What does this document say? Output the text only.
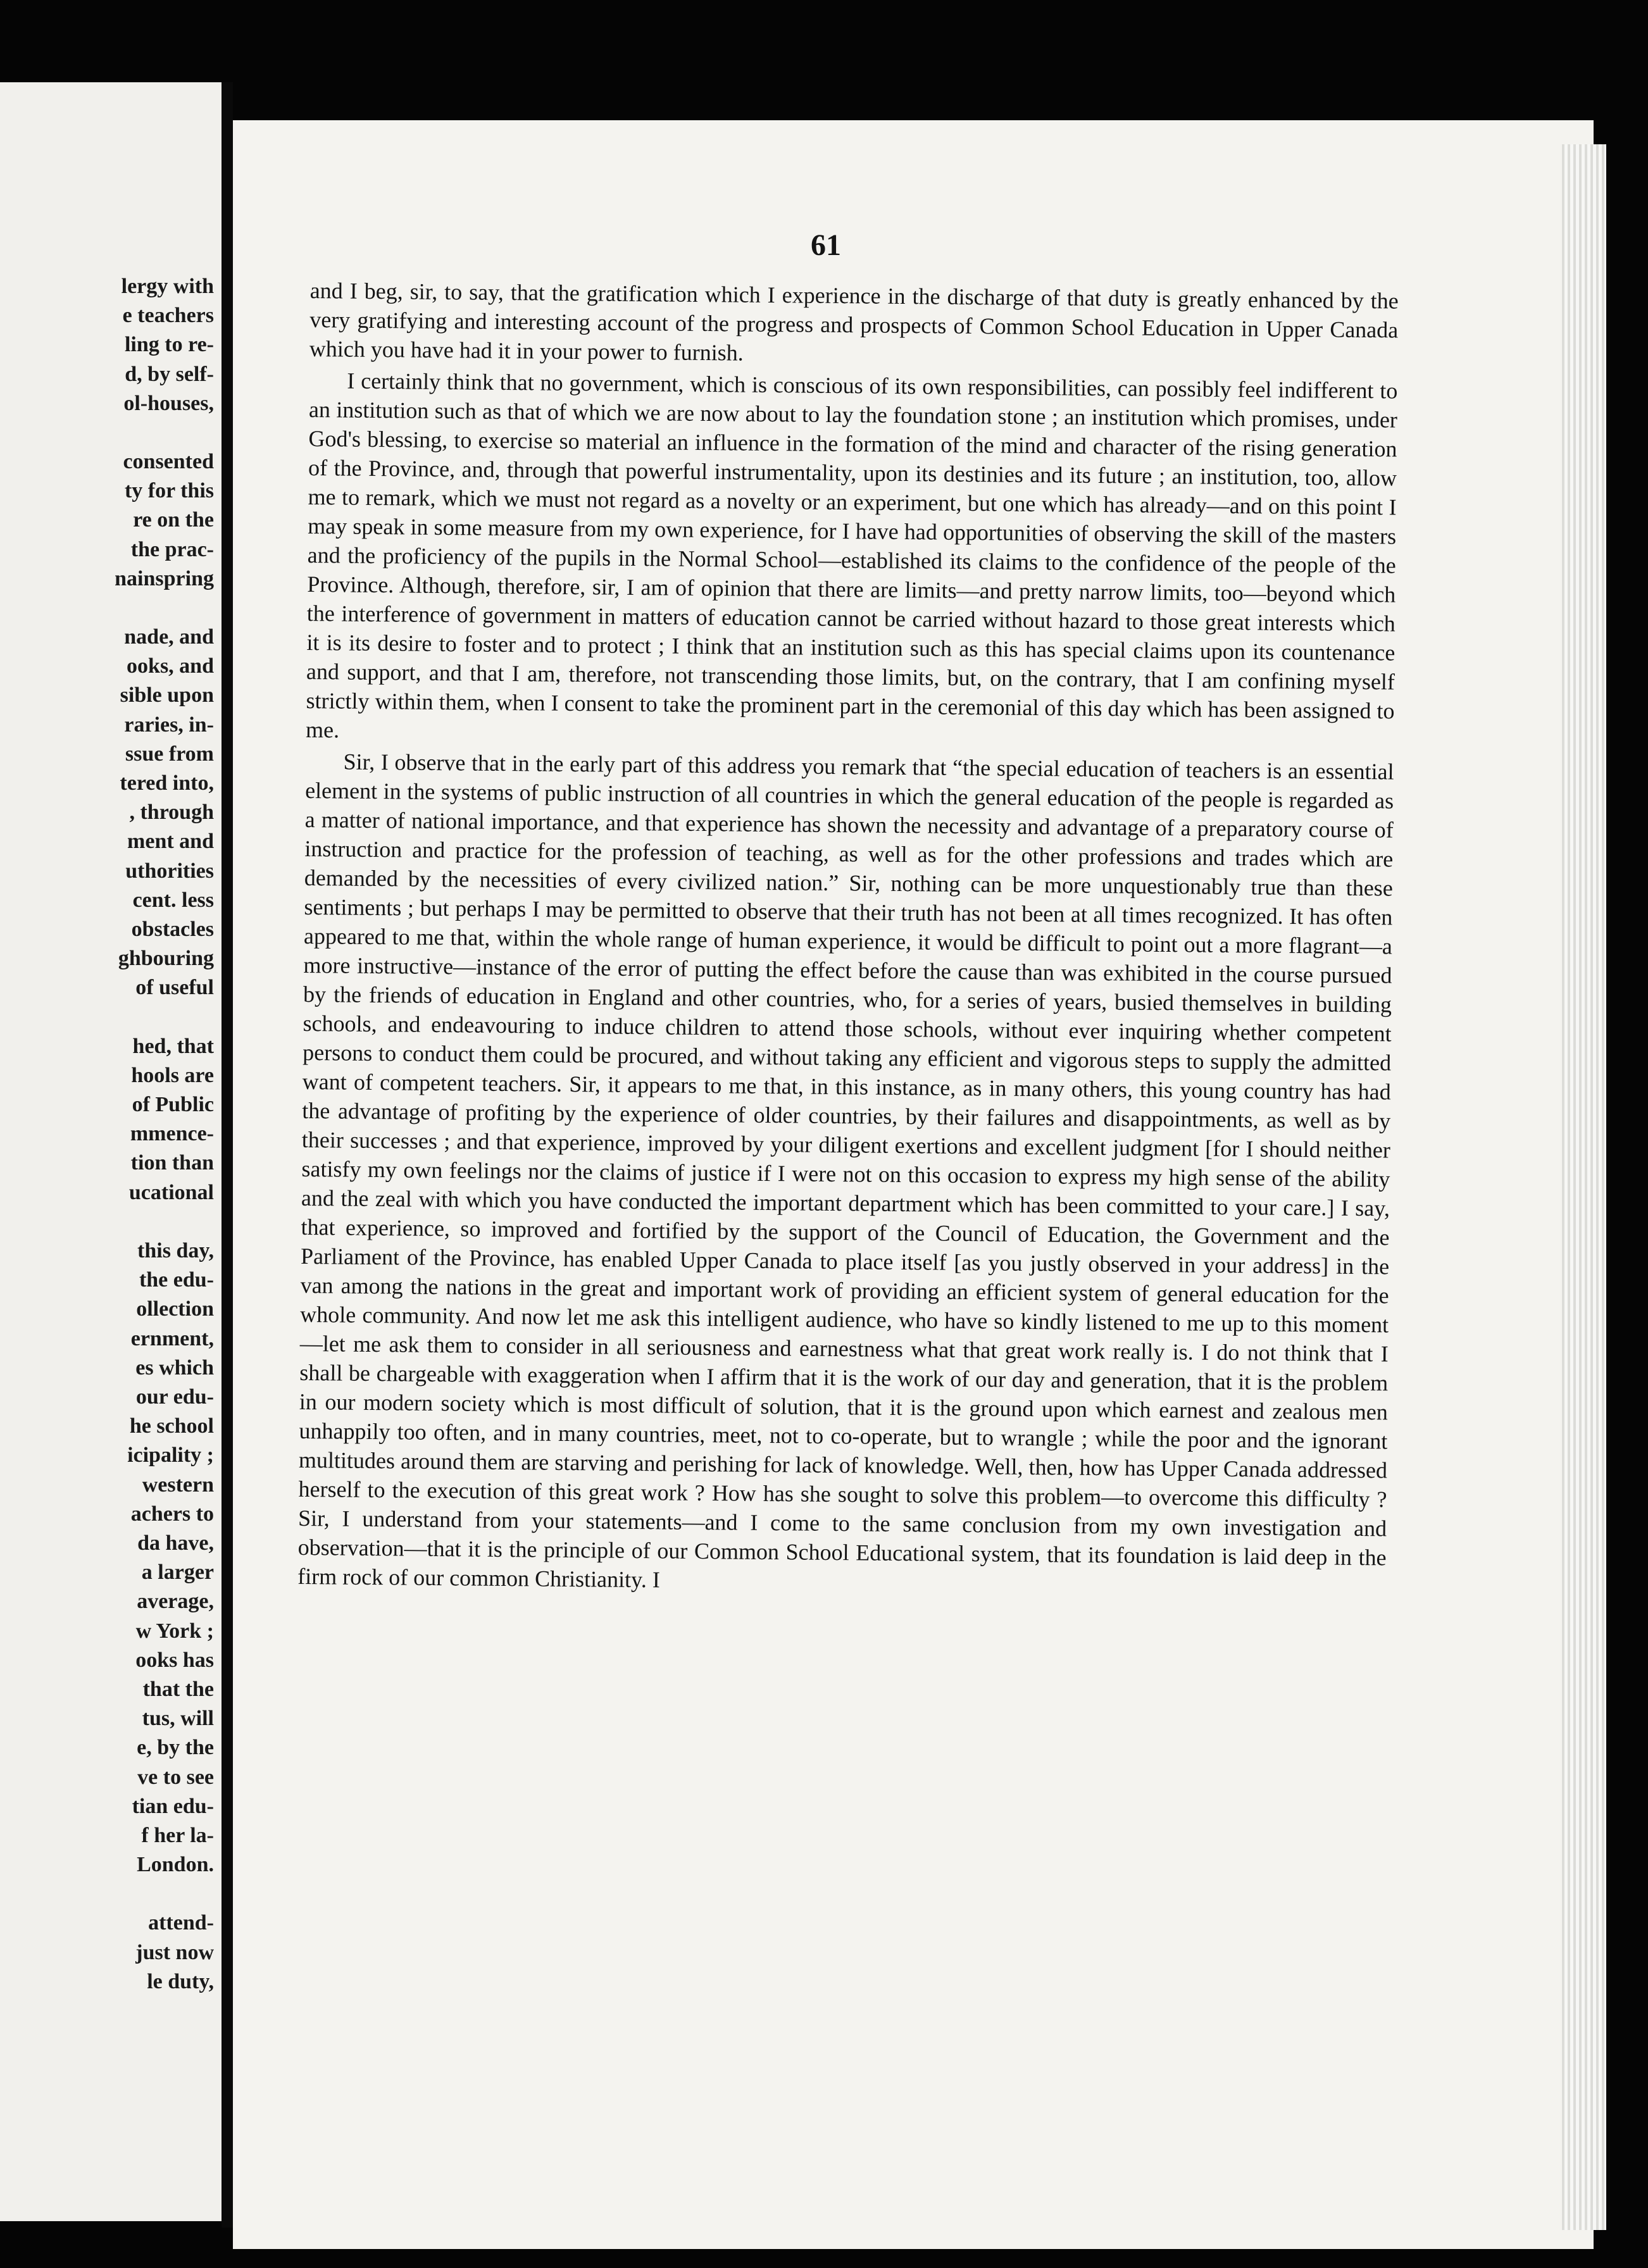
lergy with
e teachers
ling to re-
d, by self-
ol-houses,
consented
ty for this
re on the
the prac-
nainspring
nade, and
ooks, and
sible upon
raries, in-
ssue from
tered into,
, through
ment and
uthorities
cent. less
obstacles
ghbouring
of useful
hed, that
hools are
of Public
mmence-
tion than
ucational
this day,
the edu-
ollection
ernment,
es which
our edu-
he school
icipality ;
western
achers to
da have,
a larger
average,
w York ;
ooks has
that the
tus, will
e, by the
ve to see
tian edu-
f her la-
London.
attend-
just now
le duty,
61

and I beg, sir, to say, that the gratification which I experience in the discharge of that duty is greatly enhanced by the very gratifying and interesting account of the progress and prospects of Common School Education in Upper Canada which you have had it in your power to furnish.

I certainly think that no government, which is conscious of its own responsibilities, can possibly feel indifferent to an institution such as that of which we are now about to lay the foundation stone ; an institution which promises, under God's blessing, to exercise so material an influence in the formation of the mind and character of the rising generation of the Province, and, through that powerful instrumentality, upon its destinies and its future ; an institution, too, allow me to remark, which we must not regard as a novelty or an experiment, but one which has already—and on this point I may speak in some measure from my own experience, for I have had opportunities of observing the skill of the masters and the proficiency of the pupils in the Normal School—established its claims to the confidence of the people of the Province. Although, therefore, sir, I am of opinion that there are limits—and pretty narrow limits, too—beyond which the interference of government in matters of education cannot be carried without hazard to those great interests which it is its desire to foster and to protect ; I think that an institution such as this has special claims upon its countenance and support, and that I am, therefore, not transcending those limits, but, on the contrary, that I am confining myself strictly within them, when I consent to take the prominent part in the ceremonial of this day which has been assigned to me.

Sir, I observe that in the early part of this address you remark that “the special education of teachers is an essential element in the systems of public instruction of all countries in which the general education of the people is regarded as a matter of national importance, and that experience has shown the necessity and advantage of a preparatory course of instruction and practice for the profession of teaching, as well as for the other professions and trades which are demanded by the necessities of every civilized nation.” Sir, nothing can be more unquestionably true than these sentiments ; but perhaps I may be permitted to observe that their truth has not been at all times recognized. It has often appeared to me that, within the whole range of human experience, it would be difficult to point out a more flagrant—a more instructive—instance of the error of putting the effect before the cause than was exhibited in the course pursued by the friends of education in England and other countries, who, for a series of years, busied themselves in building schools, and endeavouring to induce children to attend those schools, without ever inquiring whether competent persons to conduct them could be procured, and without taking any efficient and vigorous steps to supply the admitted want of competent teachers. Sir, it appears to me that, in this instance, as in many others, this young country has had the advantage of profiting by the experience of older countries, by their failures and disappointments, as well as by their successes ; and that experience, improved by your diligent exertions and excellent judgment [for I should neither satisfy my own feelings nor the claims of justice if I were not on this occasion to express my high sense of the ability and the zeal with which you have conducted the important department which has been committed to your care.] I say, that experience, so improved and fortified by the support of the Council of Education, the Government and the Parliament of the Province, has enabled Upper Canada to place itself [as you justly observed in your address] in the van among the nations in the great and important work of providing an efficient system of general education for the whole community. And now let me ask this intelligent audience, who have so kindly listened to me up to this moment—let me ask them to consider in all seriousness and earnestness what that great work really is. I do not think that I shall be chargeable with exaggeration when I affirm that it is the work of our day and generation, that it is the problem in our modern society which is most difficult of solution, that it is the ground upon which earnest and zealous men unhappily too often, and in many countries, meet, not to co-operate, but to wrangle ; while the poor and the ignorant multitudes around them are starving and perishing for lack of knowledge. Well, then, how has Upper Canada addressed herself to the execution of this great work ? How has she sought to solve this problem—to overcome this difficulty ? Sir, I understand from your statements—and I come to the same conclusion from my own investigation and observation—that it is the principle of our Common School Educational system, that its foundation is laid deep in the firm rock of our common Christianity. I
